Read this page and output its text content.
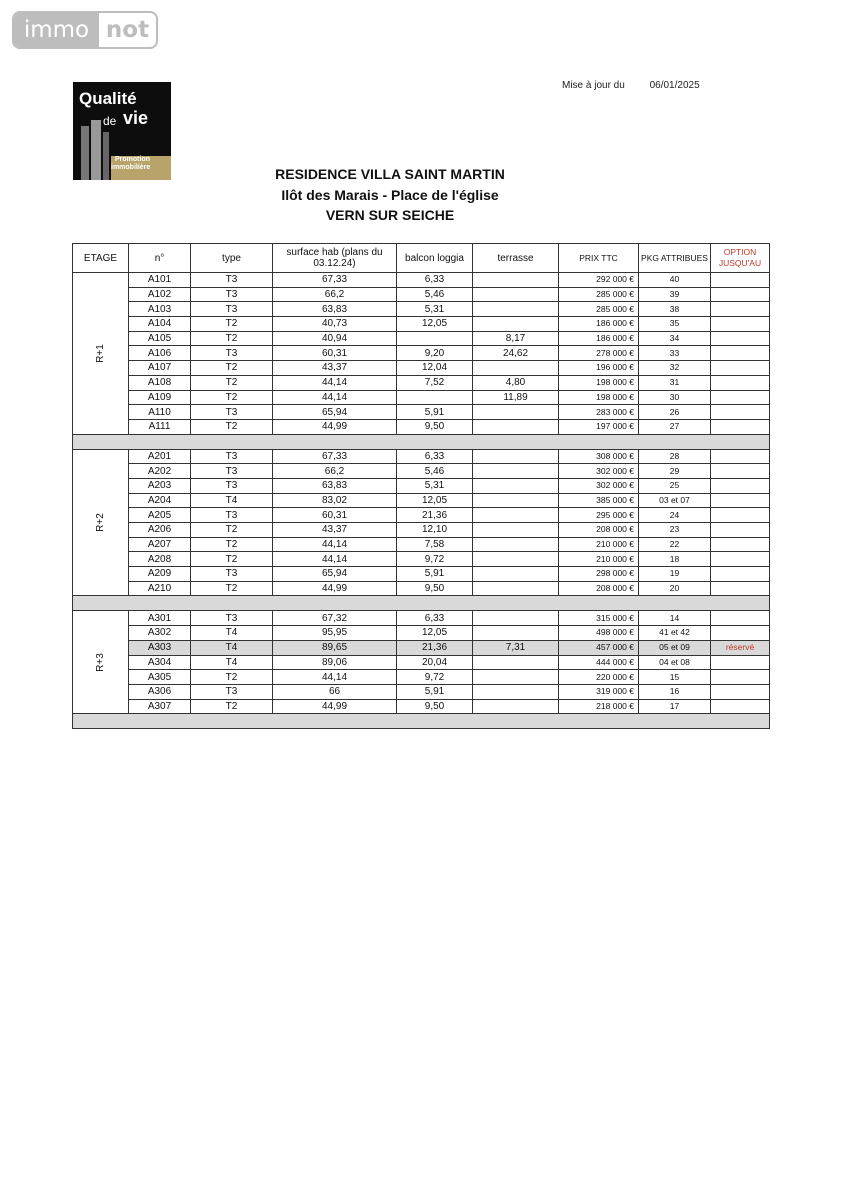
immo not
Qualité
de vie
Promotion
immobilière
Mise à jour du 06/01/2025
RESIDENCE VILLA SAINT MARTIN
Ilôt des Marais - Place de l'église
VERN SUR SEICHE
ETAGE	n°	type	surface hab (plans du 03.12.24)	balcon loggia	terrasse	PRIX TTC	PKG ATTRIBUES	OPTION JUSQU'AU
R+1	A101	T3	67,33	6,33		292 000 €	40	
	A102	T3	66,2	5,46		285 000 €	39	
	A103	T3	63,83	5,31		285 000 €	38	
	A104	T2	40,73	12,05		186 000 €	35	
	A105	T2	40,94		8,17	186 000 €	34	
	A106	T3	60,31	9,20	24,62	278 000 €	33	
	A107	T2	43,37	12,04		196 000 €	32	
	A108	T2	44,14	7,52	4,80	198 000 €	31	
	A109	T2	44,14		11,89	198 000 €	30	
	A110	T3	65,94	5,91		283 000 €	26	
	A111	T2	44,99	9,50		197 000 €	27	

R+2	A201	T3	67,33	6,33		308 000 €	28	
	A202	T3	66,2	5,46		302 000 €	29	
	A203	T3	63,83	5,31		302 000 €	25	
	A204	T4	83,02	12,05		385 000 €	03 et 07	
	A205	T3	60,31	21,36		295 000 €	24	
	A206	T2	43,37	12,10		208 000 €	23	
	A207	T2	44,14	7,58		210 000 €	22	
	A208	T2	44,14	9,72		210 000 €	18	
	A209	T3	65,94	5,91		298 000 €	19	
	A210	T2	44,99	9,50		208 000 €	20	

R+3	A301	T3	67,32	6,33		315 000 €	14	
	A302	T4	95,95	12,05		498 000 €	41 et 42	
	A303	T4	89,65	21,36	7,31	457 000 €	05 et 09	réservé
	A304	T4	89,06	20,04		444 000 €	04 et 08	
	A305	T2	44,14	9,72		220 000 €	15	
	A306	T3	66	5,91		319 000 €	16	
	A307	T2	44,99	9,50		218 000 €	17	
